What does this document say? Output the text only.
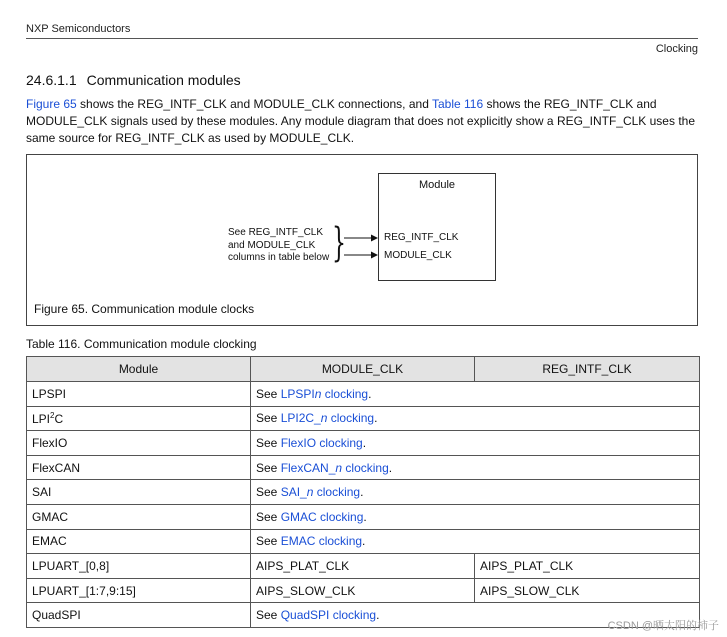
NXP Semiconductors
Clocking
24.6.1.1 Communication modules
Figure 65 shows the REG_INTF_CLK and MODULE_CLK connections, and Table 116 shows the REG_INTF_CLK and MODULE_CLK signals used by these modules. Any module diagram that does not explicitly show a REG_INTF_CLK uses the same source for REG_INTF_CLK as used by MODULE_CLK.
Module
See REG_INTF_CLK
and MODULE_CLK
columns in table below }	REG_INTF_CLK
MODULE_CLK
Figure 65. Communication module clocks
Table 116. Communication module clocking
Module	MODULE_CLK	REG_INTF_CLK
LPSPI	See LPSPIn clocking.	
LPI$^2$C	See LPI2C_n clocking.	
FlexIO	See FlexIO clocking.	
FlexCAN	See FlexCAN_n clocking.	
SAI	See SAI_n clocking.	
GMAC	See GMAC clocking.	
EMAC	See EMAC clocking.	
LPUART_[0,8]	AIPS_PLAT_CLK	AIPS_PLAT_CLK
LPUART_[1:7,9:15]	AIPS_SLOW_CLK	AIPS_SLOW_CLK
QuadSPI	See QuadSPI clocking.	
CSDN @晒太阳的柿子
